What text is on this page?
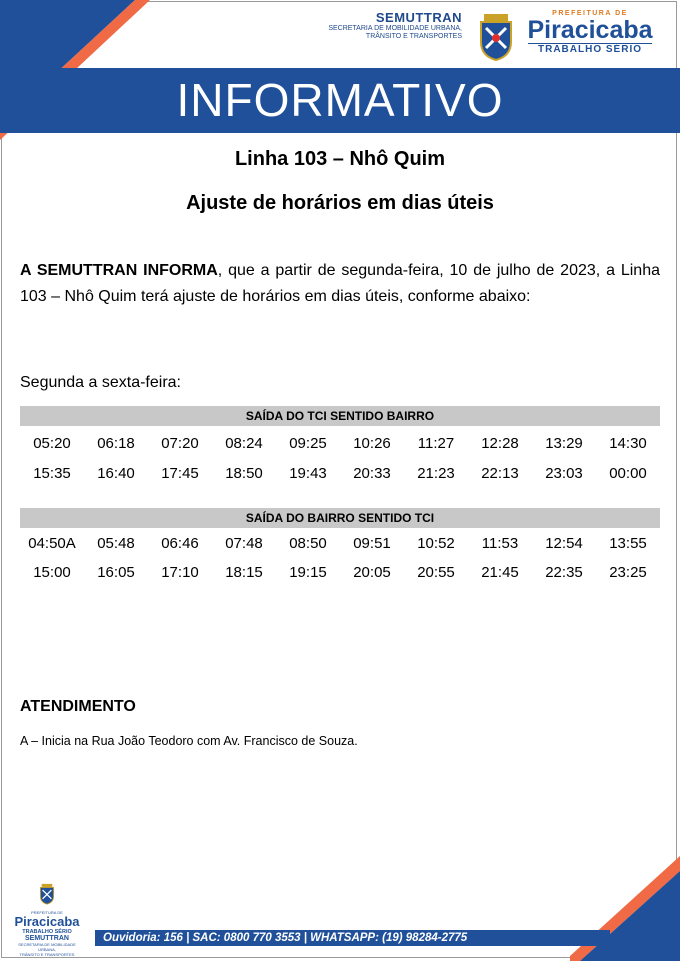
SEMUTTRAN
SECRETARIA DE MOBILIDADE URBANA,
TRÂNSITO E TRANSPORTES
PREFEITURA DE
Piracicaba
TRABALHO SÉRIO
INFORMATIVO
Linha 103 – Nhô Quim
Ajuste de horários em dias úteis
A SEMUTTRAN INFORMA, que a partir de segunda-feira, 10 de julho de 2023, a Linha 103 – Nhô Quim terá ajuste de horários em dias úteis, conforme abaixo:
Segunda a sexta-feira:
SAÍDA DO TCI SENTIDO BAIRRO
05:20	06:18	07:20	08:24	09:25	10:26	11:27	12:28	13:29	14:30
15:35	16:40	17:45	18:50	19:43	20:33	21:23	22:13	23:03	00:00
SAÍDA DO BAIRRO SENTIDO TCI
04:50A	05:48	06:46	07:48	08:50	09:51	10:52	11:53	12:54	13:55
15:00	16:05	17:10	18:15	19:15	20:05	20:55	21:45	22:35	23:25
ATENDIMENTO
A – Inicia na Rua João Teodoro com Av. Francisco de Souza.
PREFEITURA DE
Piracicaba
TRABALHO SÉRIO
SEMUTTRAN
SECRETARIA DE MOBILIDADE URBANA,
TRÂNSITO E TRANSPORTES
Ouvidoria: 156 | SAC: 0800 770 3553 | WHATSAPP: (19) 98284-2775
